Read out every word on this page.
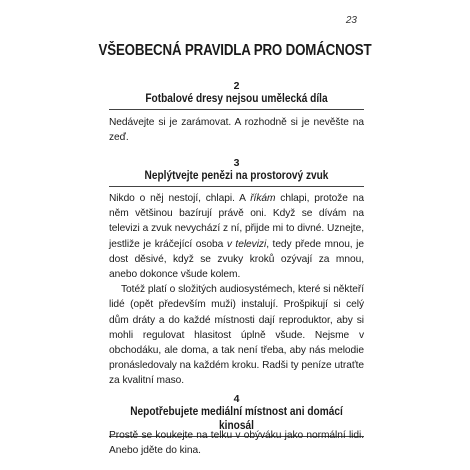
23
VŠEOBECNÁ PRAVIDLA PRO DOMÁCNOST
2
Fotbalové dresy nejsou umělecká díla

Nedávejte si je zarámovat. A rozhodně si je nevěšte na zeď.

3
Neplýtvejte penězi na prostorový zvuk

Nikdo o něj nestojí, chlapi. A říkám chlapi, protože na něm většinou bazírují právě oni. Když se dívám na televizi a zvuk nevychází z ní, přijde mi to divné. Uznejte, jestliže je kráčející osoba v televizi, tedy přede mnou, je dost děsivé, když se zvuky kroků ozývají za mnou, anebo dokonce všude kolem.

Totéž platí o složitých audiosystémech, které si někteří lidé (opět především muži) instalují. Prošpikují si celý dům dráty a do každé místnosti dají reproduktor, aby si mohli regulovat hlasitost úplně všude. Nejsme v obchodáku, ale doma, a tak není třeba, aby nás melodie pronásledovaly na každém kroku. Radši ty peníze utraťte za kvalitní maso.

4
Nepotřebujete mediální místnost ani domácí kinosál

Prostě se koukejte na telku v obýváku jako normální lidi. Anebo jděte do kina.
